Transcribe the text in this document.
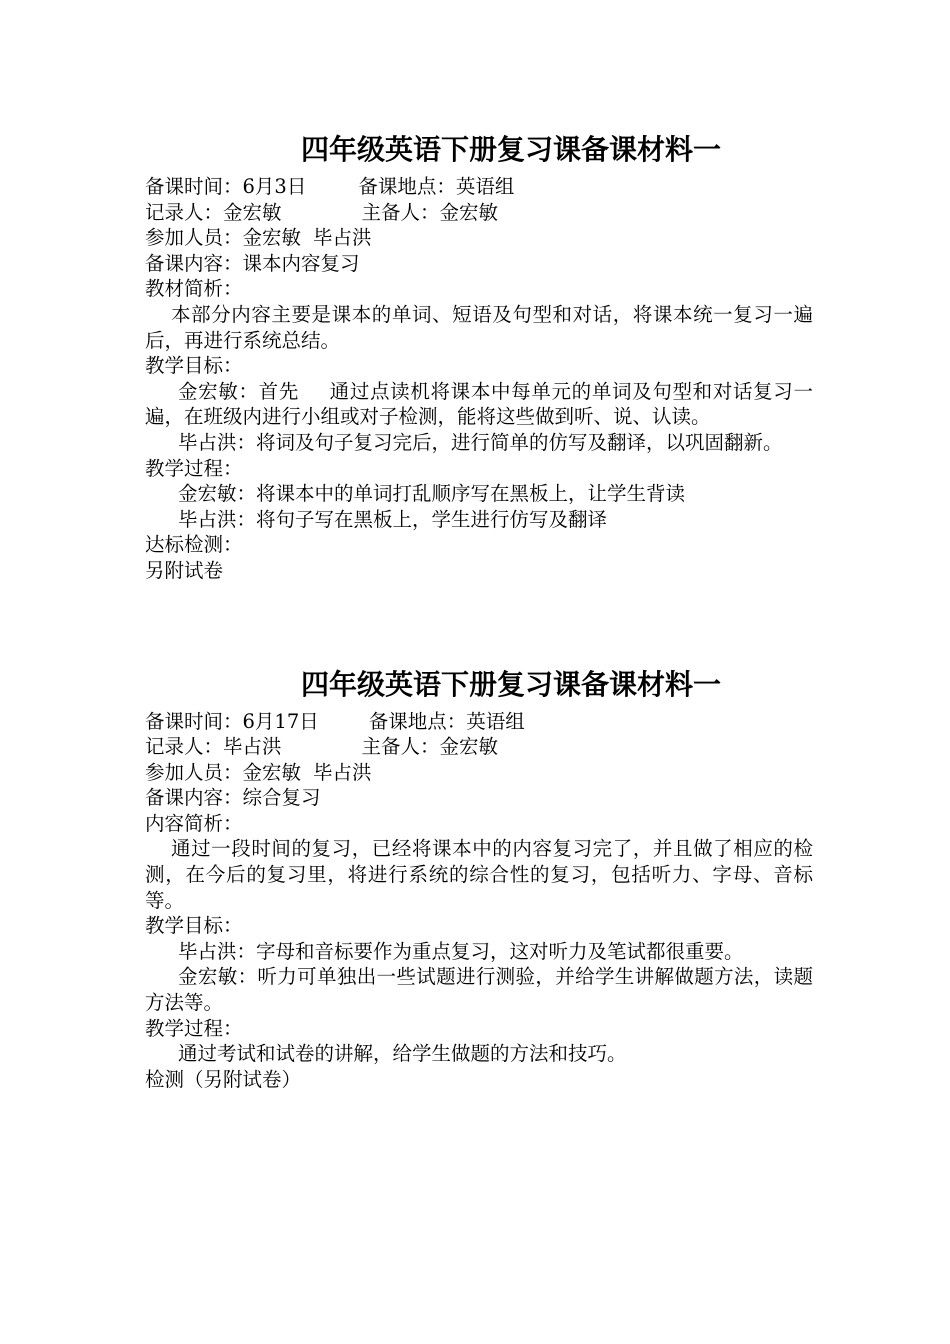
四年级英语下册复习课备课材料一

备课时间：6月3日	备课地点：英语组

记录人：金宏敏	主备人：金宏敏

参加人员：金宏敏 毕占洪

备课内容：课本内容复习

教材简析：

本部分内容主要是课本的单词、短语及句型和对话，将课本统一复习一遍后，再进行系统总结。

教学目标：

金宏敏：首先 通过点读机将课本中每单元的单词及句型和对话复习一遍，在班级内进行小组或对子检测，能将这些做到听、说、认读。

毕占洪：将词及句子复习完后，进行简单的仿写及翻译，以巩固翻新。

教学过程：

金宏敏：将课本中的单词打乱顺序写在黑板上，让学生背读

毕占洪：将句子写在黑板上，学生进行仿写及翻译

达标检测：

另附试卷

四年级英语下册复习课备课材料一

备课时间：6月17日	备课地点：英语组

记录人：毕占洪	主备人：金宏敏

参加人员：金宏敏 毕占洪

备课内容：综合复习

内容简析：

通过一段时间的复习，已经将课本中的内容复习完了，并且做了相应的检测，在今后的复习里，将进行系统的综合性的复习，包括听力、字母、音标等。

教学目标：

毕占洪：字母和音标要作为重点复习，这对听力及笔试都很重要。

金宏敏：听力可单独出一些试题进行测验，并给学生讲解做题方法，读题方法等。

教学过程：

通过考试和试卷的讲解，给学生做题的方法和技巧。

检测（另附试卷）
